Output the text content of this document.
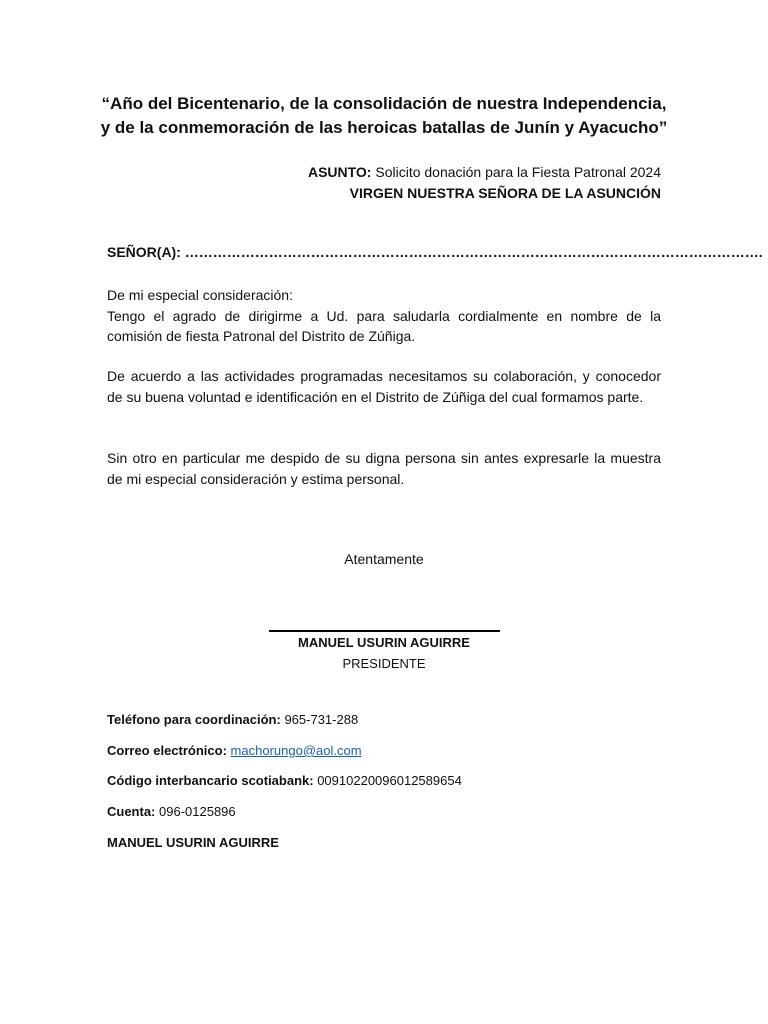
“Año del Bicentenario, de la consolidación de nuestra Independencia,
y de la conmemoración de las heroicas batallas de Junín y Ayacucho”
ASUNTO: Solicito donación para la Fiesta Patronal 2024
VIRGEN NUESTRA SEÑORA DE LA ASUNCIÓN
SEÑOR(A): …………………………………………………………………………………………………………….
De mi especial consideración:
Tengo el agrado de dirigirme a Ud. para saludarla cordialmente en nombre de la comisión de fiesta Patronal del Distrito de Zúñiga.
De acuerdo a las actividades programadas necesitamos su colaboración, y conocedor de su buena voluntad e identificación en el Distrito de Zúñiga del cual formamos parte.
Sin otro en particular me despido de su digna persona sin antes expresarle la muestra de mi especial consideración y estima personal.
Atentamente
MANUEL USURIN AGUIRRE
PRESIDENTE
Teléfono para coordinación: 965-731-288
Correo electrónico: machorungo@aol.com
Código interbancario scotiabank: 00910220096012589654
Cuenta: 096-0125896
MANUEL USURIN AGUIRRE
